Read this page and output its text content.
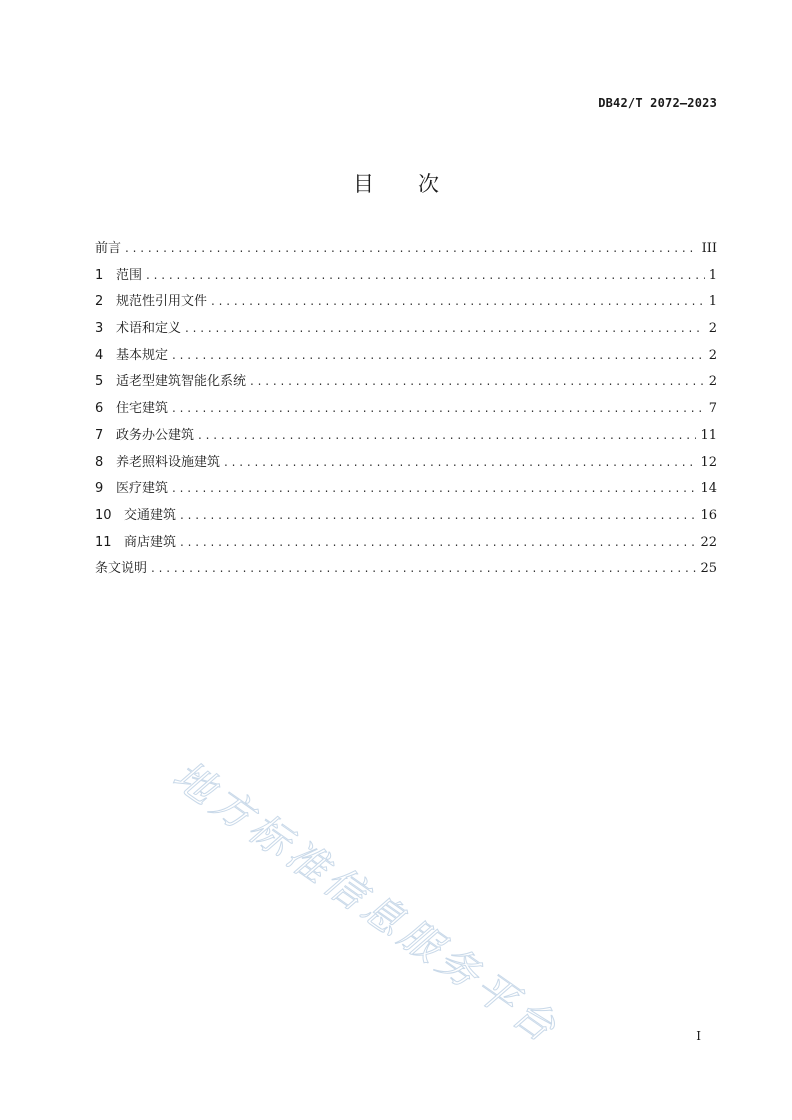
DB42/T 2072—2023
目次
前言 . . .	III
1 范围 . . .	1
2 规范性引用文件 . . .	1
3 术语和定义 . . .	2
4 基本规定 . . .	2
5 适老型建筑智能化系统 . . .	2
6 住宅建筑 . . .	7
7 政务办公建筑 . . .	11
8 养老照料设施建筑 . . .	12
9 医疗建筑 . . .	14
10 交通建筑 . . .	16
11 商店建筑 . . .	22
条文说明 . . .	25
地方标准信息服务平台	I
